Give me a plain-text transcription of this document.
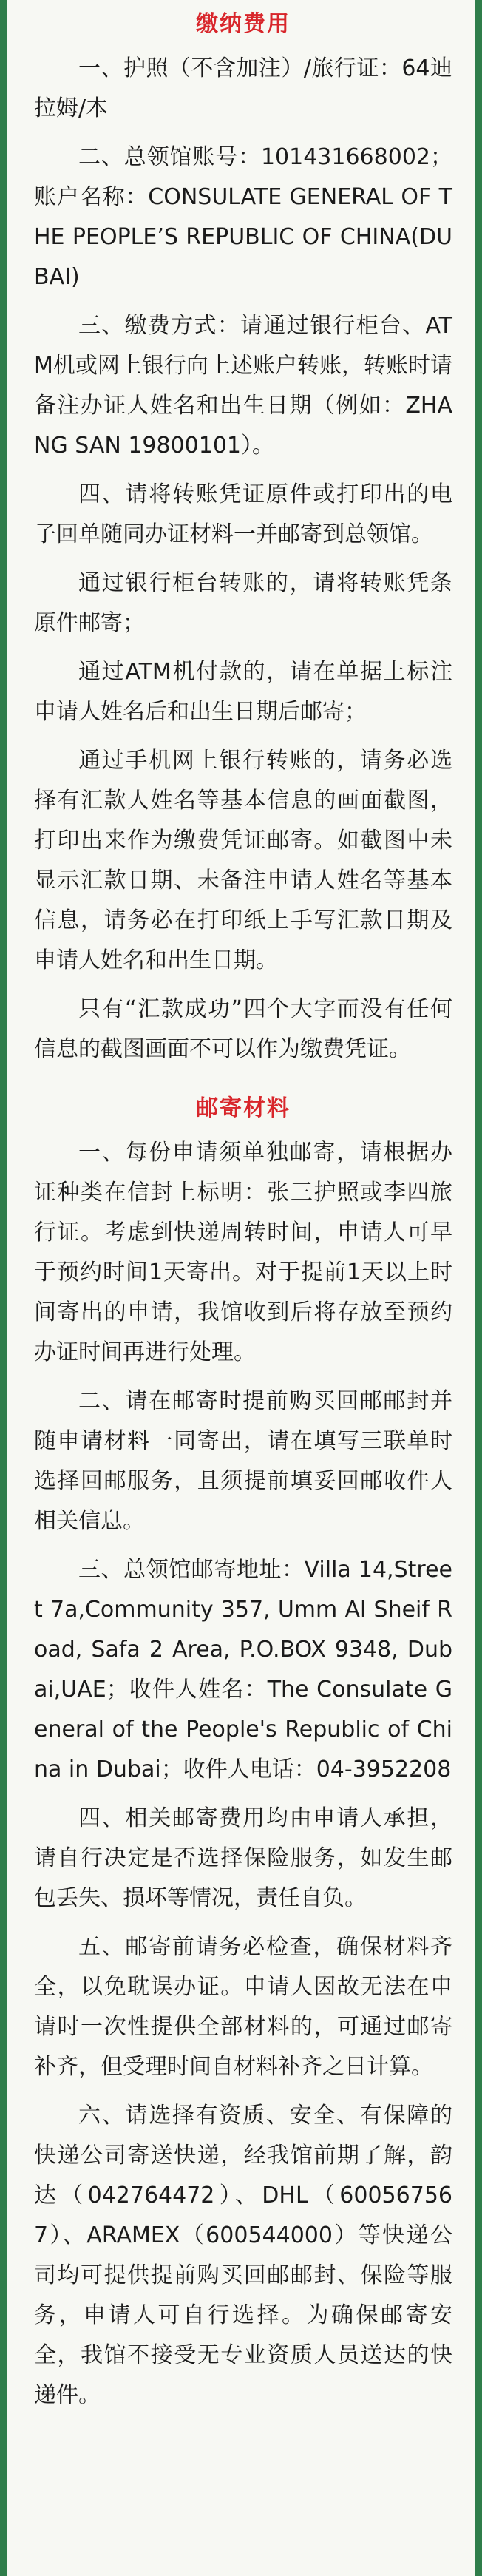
缴纳费用

一、护照（不含加注）/旅行证：64迪拉姆/本

二、总领馆账号：101431668002；账户名称：CONSULATE GENERAL OF THE PEOPLE’S REPUBLIC OF CHINA(DUBAI)

三、缴费方式：请通过银行柜台、ATM机或网上银行向上述账户转账，转账时请备注办证人姓名和出生日期（例如：ZHANG SAN 19800101）。

四、请将转账凭证原件或打印出的电子回单随同办证材料一并邮寄到总领馆。

通过银行柜台转账的，请将转账凭条原件邮寄；

通过ATM机付款的，请在单据上标注申请人姓名后和出生日期后邮寄；

通过手机网上银行转账的，请务必选择有汇款人姓名等基本信息的画面截图，打印出来作为缴费凭证邮寄。如截图中未显示汇款日期、未备注申请人姓名等基本信息，请务必在打印纸上手写汇款日期及申请人姓名和出生日期。

只有“汇款成功”四个大字而没有任何信息的截图画面不可以作为缴费凭证。

邮寄材料

一、每份申请须单独邮寄，请根据办证种类在信封上标明：张三护照或李四旅行证。考虑到快递周转时间，申请人可早于预约时间1天寄出。对于提前1天以上时间寄出的申请，我馆收到后将存放至预约办证时间再进行处理。

二、请在邮寄时提前购买回邮邮封并随申请材料一同寄出，请在填写三联单时选择回邮服务，且须提前填妥回邮收件人相关信息。

三、总领馆邮寄地址：Villa 14,Street 7a,Community 357, Umm Al Sheif Road, Safa 2 Area, P.O.BOX 9348, Dubai,UAE；收件人姓名：The Consulate General of the People's Republic of China in Dubai；收件人电话：04-3952208

四、相关邮寄费用均由申请人承担，请自行决定是否选择保险服务，如发生邮包丢失、损坏等情况，责任自负。

五、邮寄前请务必检查，确保材料齐全，以免耽误办证。申请人因故无法在申请时一次性提供全部材料的，可通过邮寄补齐，但受理时间自材料补齐之日计算。

六、请选择有资质、安全、有保障的快递公司寄送快递，经我馆前期了解，韵达（042764472）、DHL（600567567）、ARAMEX（600544000）等快递公司均可提供提前购买回邮邮封、保险等服务，申请人可自行选择。为确保邮寄安全，我馆不接受无专业资质人员送达的快递件。
